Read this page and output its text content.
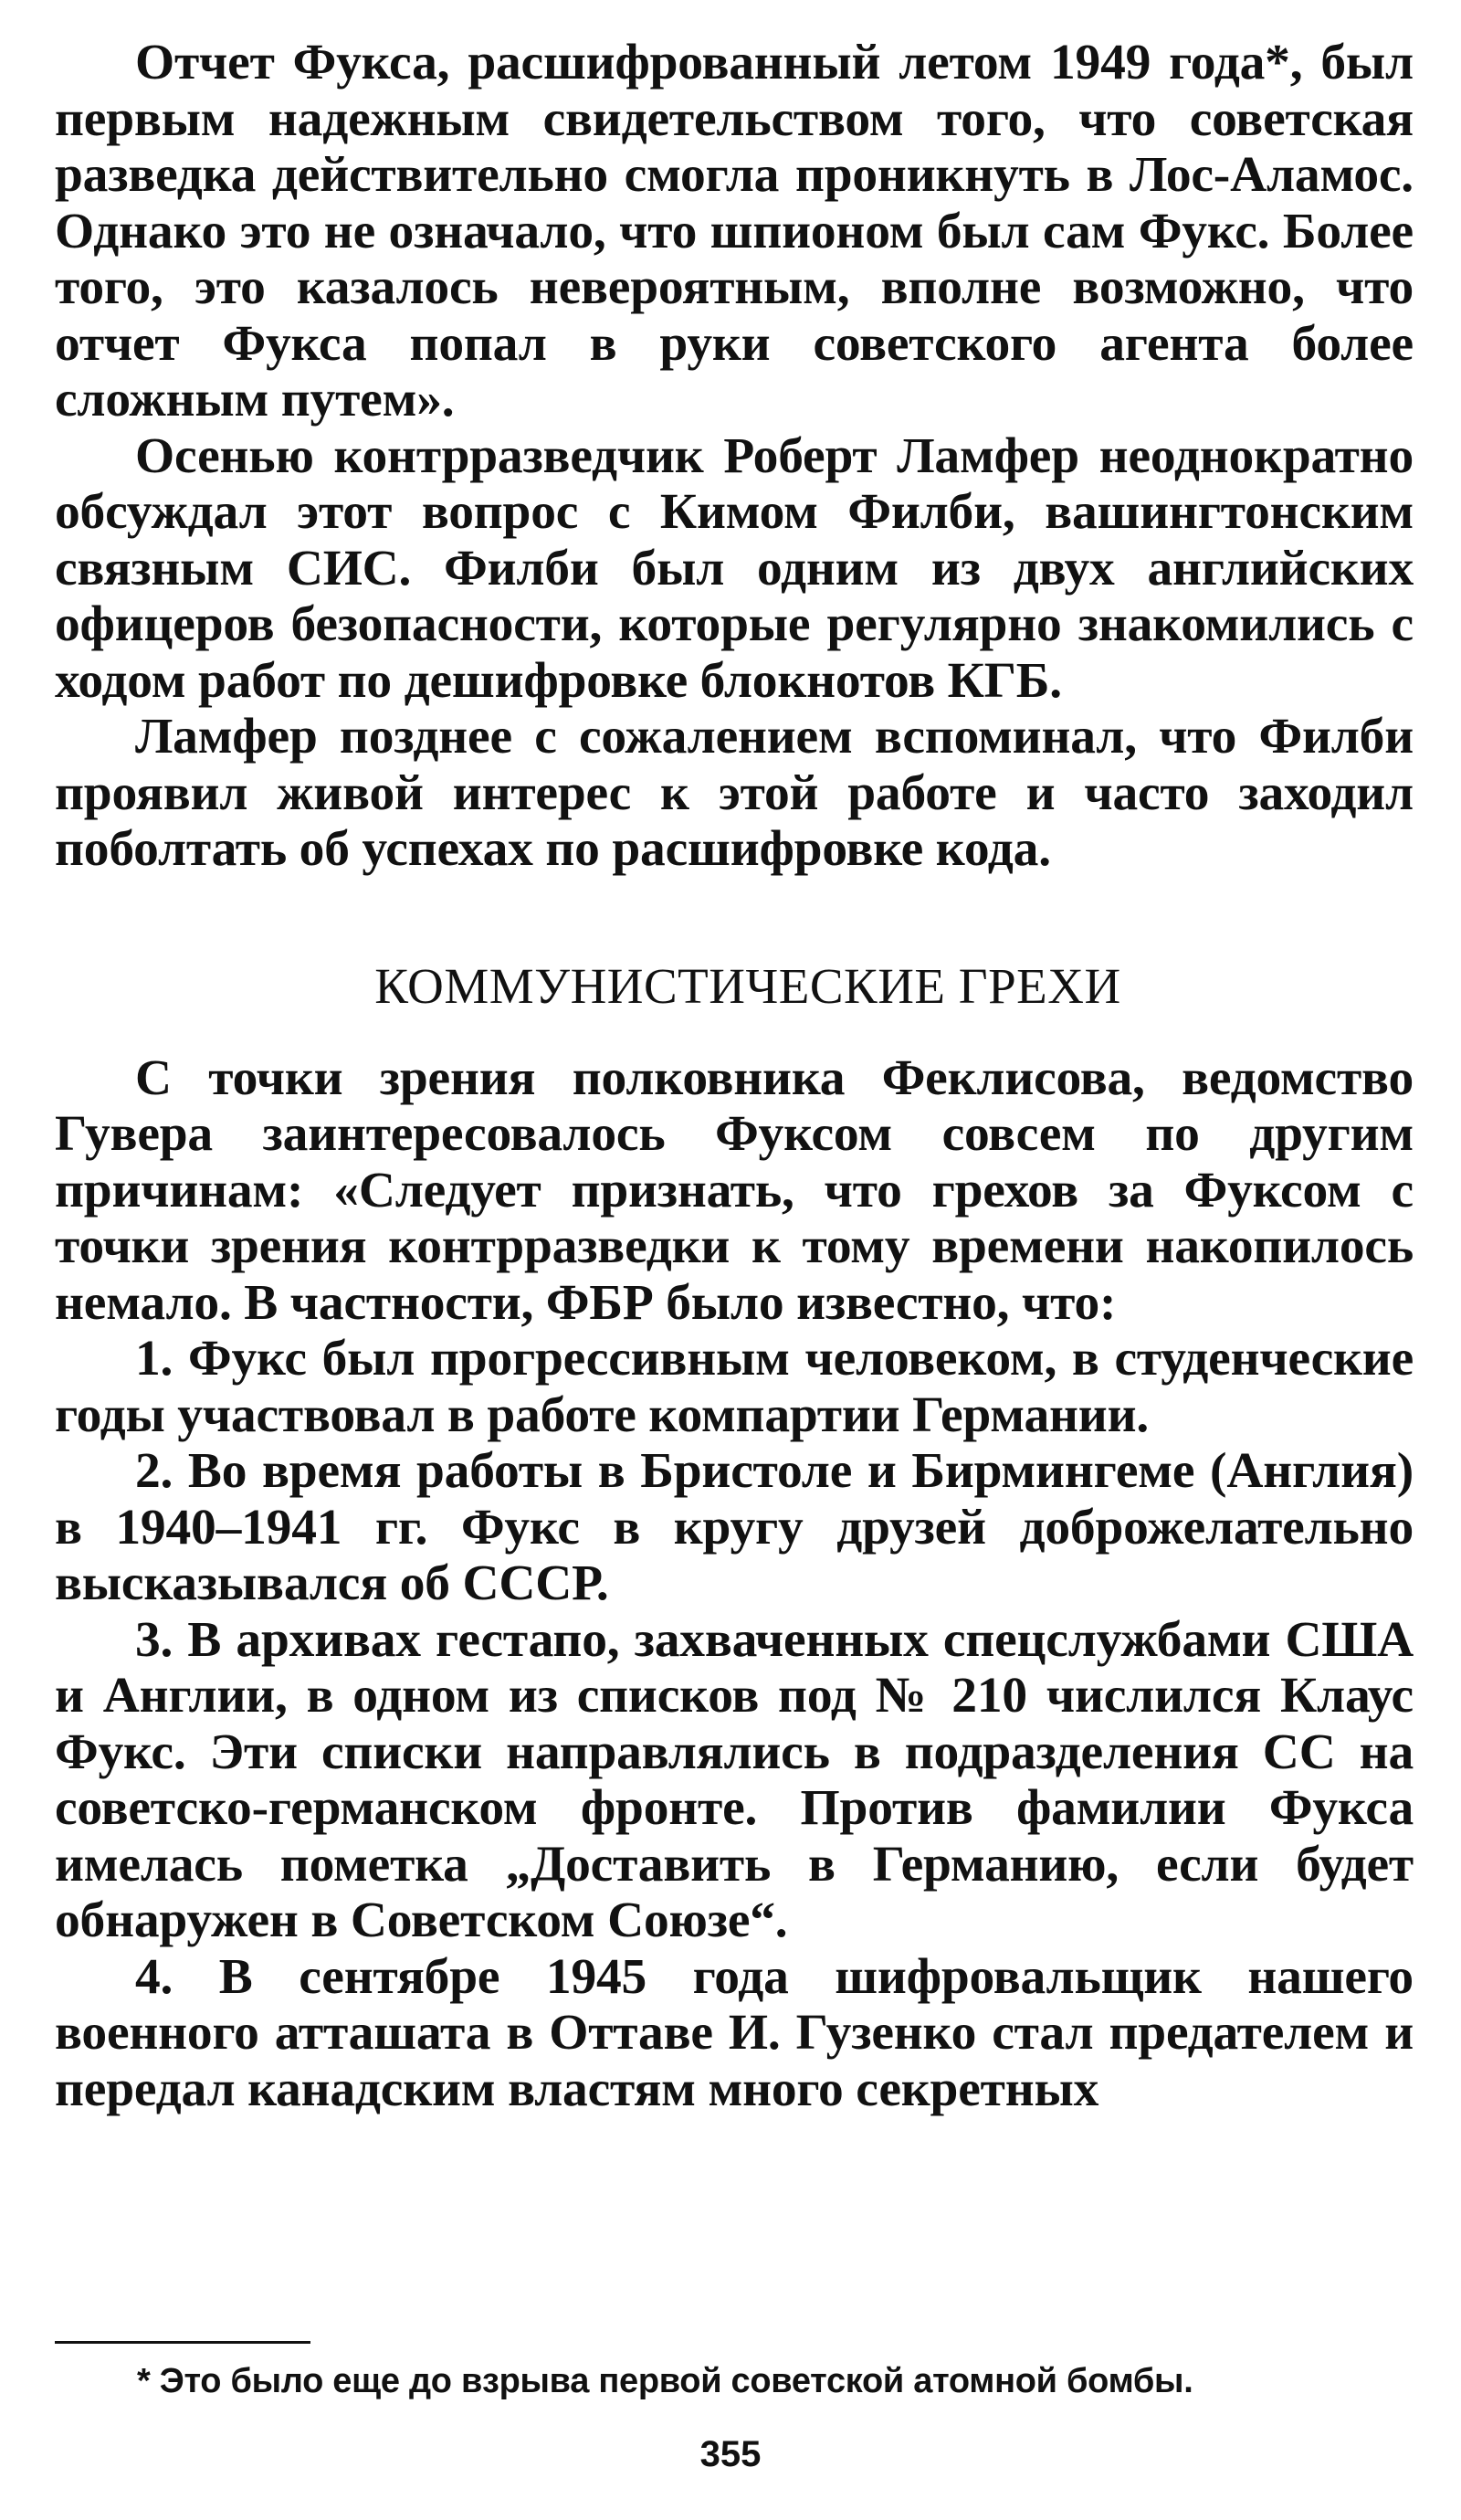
Отчет Фукса, расшифрованный летом 1949 года*, был первым надежным свидетельством того, что советская разведка действительно смогла проникнуть в Лос-Аламос. Однако это не означало, что шпионом был сам Фукс. Более того, это казалось невероятным, вполне возможно, что отчет Фукса попал в руки советского агента более сложным путем».

Осенью контрразведчик Роберт Ламфер неоднократно обсуждал этот вопрос с Кимом Филби, вашингтонским связным СИС. Филби был одним из двух английских офицеров безопасности, которые регулярно знакомились с ходом работ по дешифровке блокнотов КГБ.

Ламфер позднее с сожалением вспоминал, что Филби проявил живой интерес к этой работе и часто заходил поболтать об успехах по расшифровке кода.

КОММУНИСТИЧЕСКИЕ ГРЕХИ

С точки зрения полковника Феклисова, ведомство Гувера заинтересовалось Фуксом совсем по другим причинам: «Следует признать, что грехов за Фуксом с точки зрения контрразведки к тому времени накопилось немало. В частности, ФБР было известно, что:

1. Фукс был прогрессивным человеком, в студенческие годы участвовал в работе компартии Германии.

2. Во время работы в Бристоле и Бирмингеме (Англия) в 1940–1941 гг. Фукс в кругу друзей доброжелательно высказывался об СССР.

3. В архивах гестапо, захваченных спецслужбами США и Англии, в одном из списков под № 210 числился Клаус Фукс. Эти списки направлялись в подразделения СС на советско-германском фронте. Против фамилии Фукса имелась пометка „Доставить в Германию, если будет обнаружен в Советском Союзе“.

4. В сентябре 1945 года шифровальщик нашего военного атташата в Оттаве И. Гузенко стал предателем и передал канадским властям много секретных

* Это было еще до взрыва первой советской атомной бомбы.
355
